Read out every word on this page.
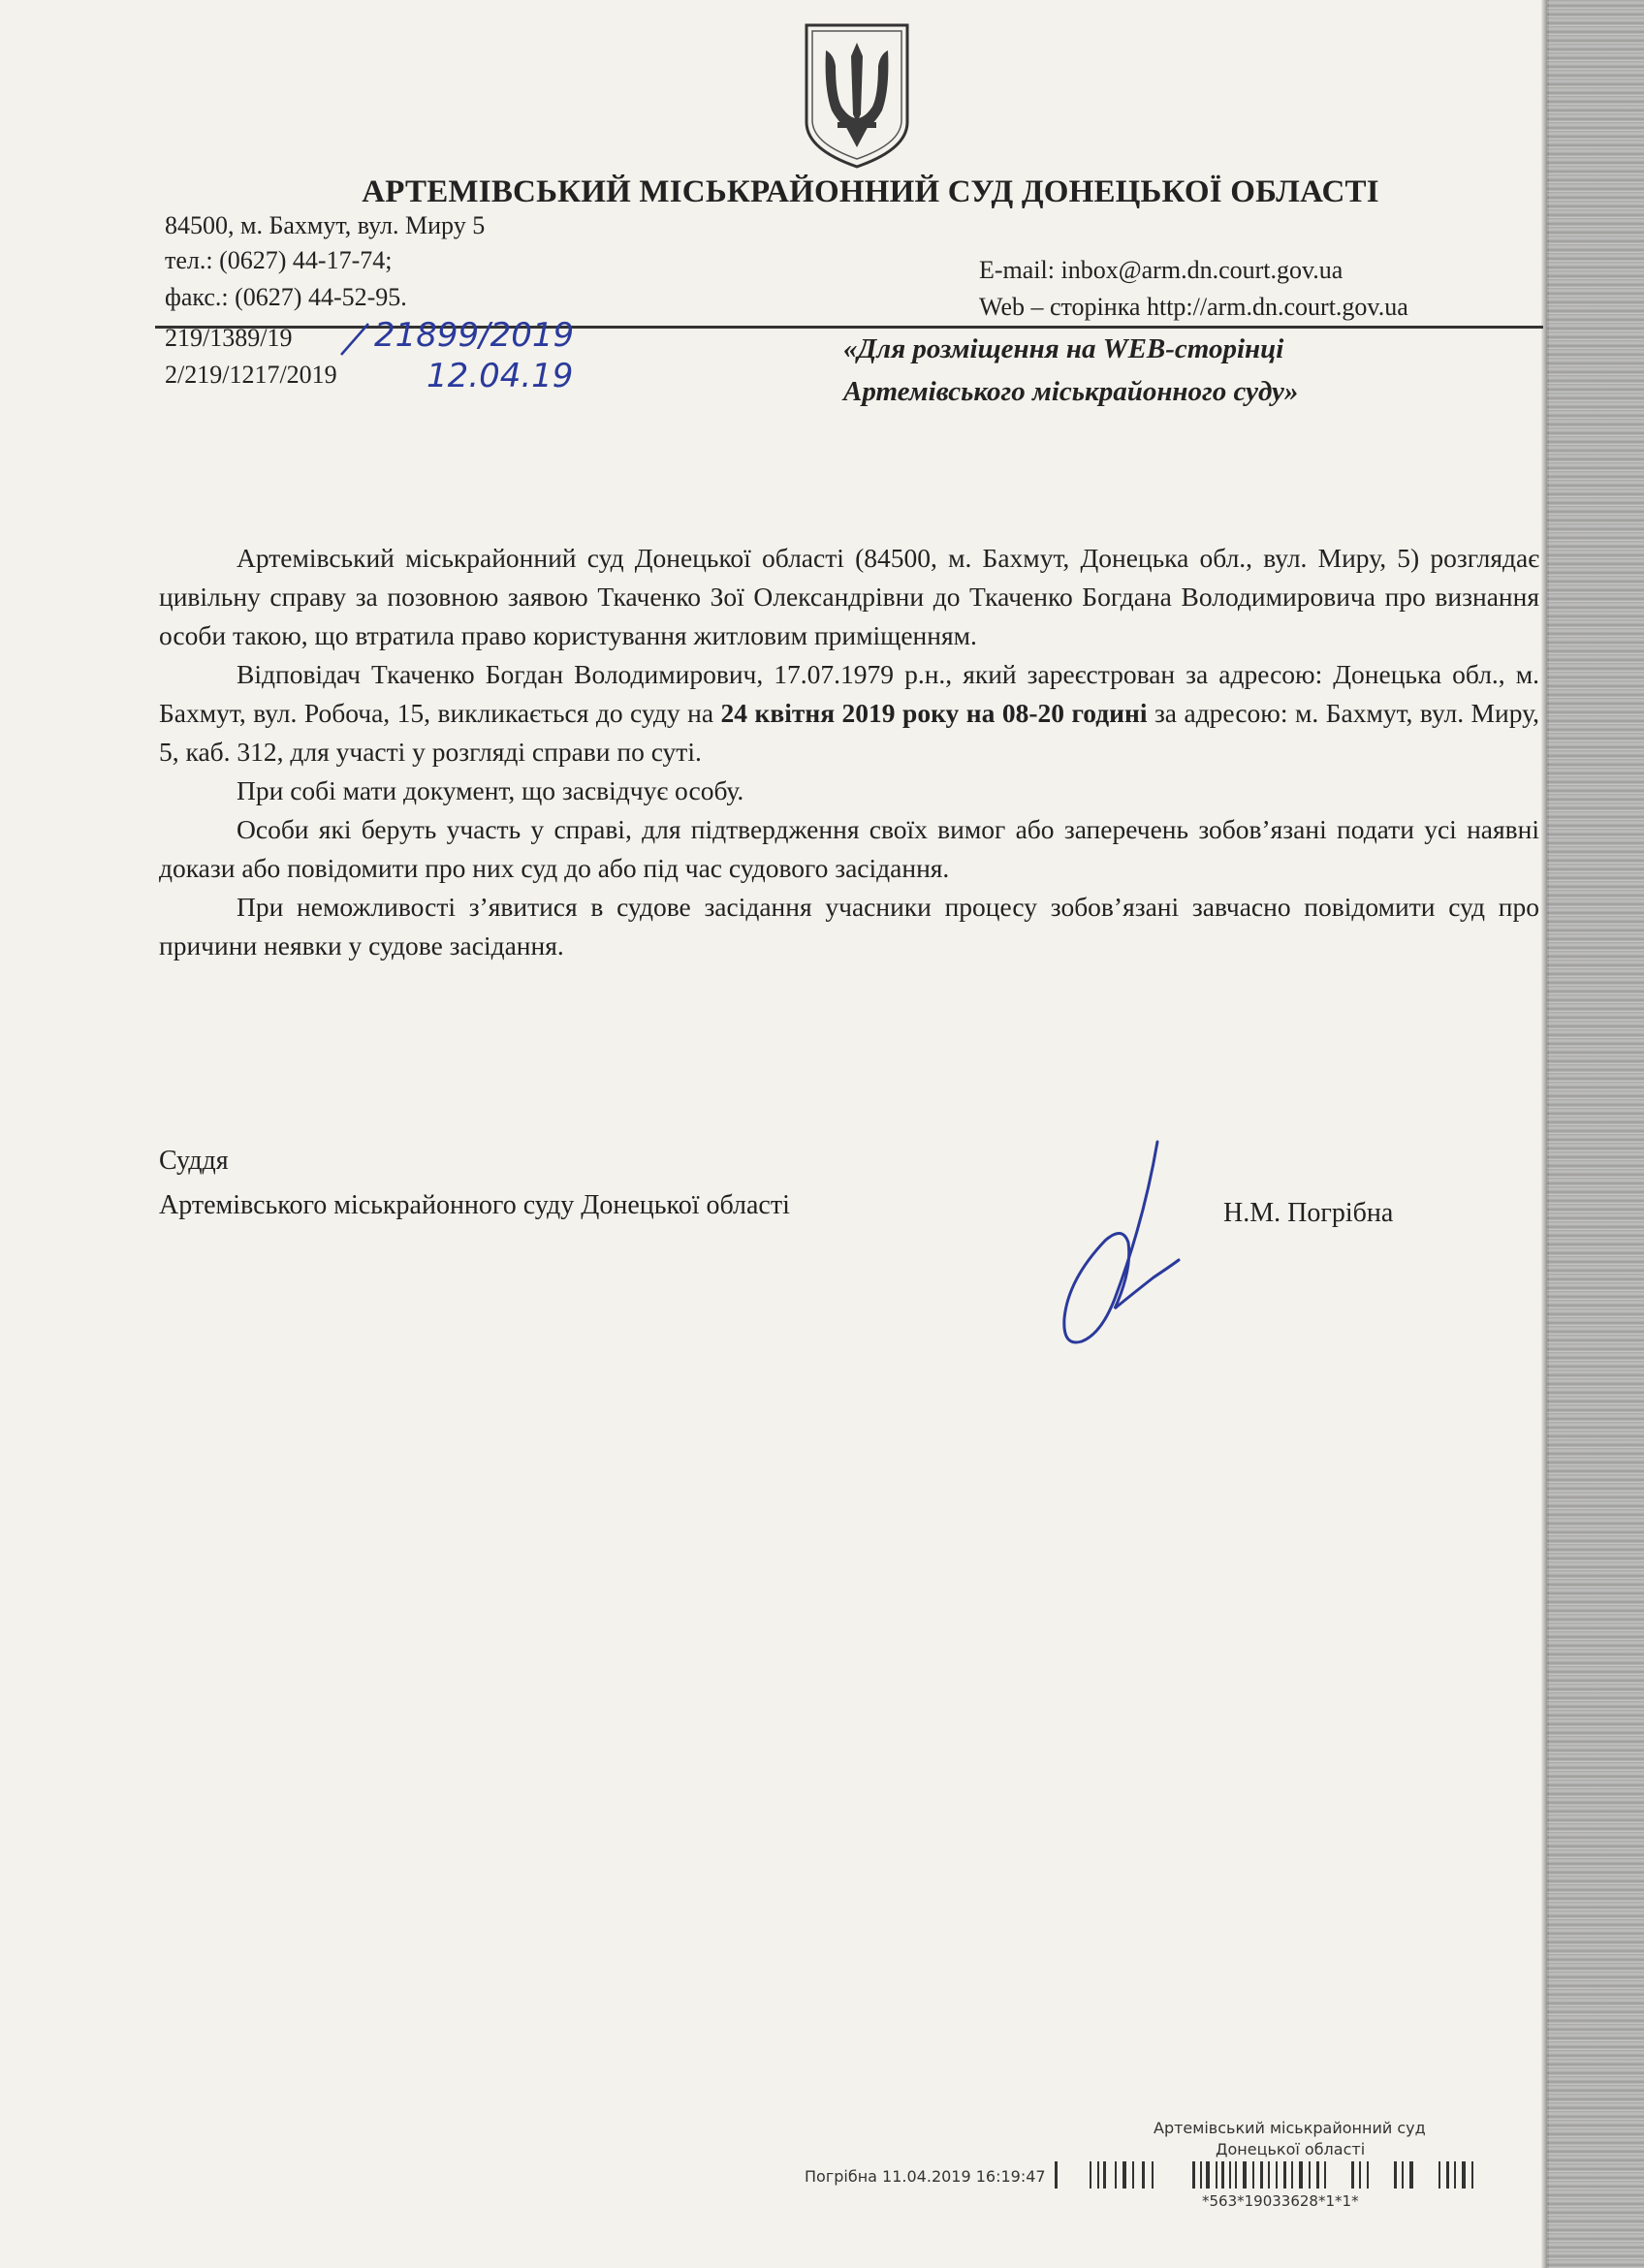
АРТЕМІВСЬКИЙ МІСЬКРАЙОННИЙ СУД ДОНЕЦЬКОЇ ОБЛАСТІ
84500, м. Бахмут, вул. Миру 5
тел.: (0627) 44-17-74;
факс.: (0627) 44-52-95.
E-mail: inbox@arm.dn.court.gov.ua
Web – сторінка http://arm.dn.court.gov.ua
219/1389/19
2/219/1217/2019
21899/2019
12.04.19
«Для розміщення на WEB-сторінці
Артемівського міськрайонного суду»

Артемівський міськрайонний суд Донецької області (84500, м. Бахмут, Донецька обл., вул. Миру, 5) розглядає цивільну справу за позовною заявою Ткаченко Зої Олександрівни до Ткаченко Богдана Володимировича про визнання особи такою, що втратила право користування житловим приміщенням.

Відповідач Ткаченко Богдан Володимирович, 17.07.1979 р.н., який зареєстрован за адресою: Донецька обл., м. Бахмут, вул. Робоча, 15, викликається до суду на 24 квітня 2019 року на 08-20 годині за адресою: м. Бахмут, вул. Миру, 5, каб. 312, для участі у розгляді справи по суті.

При собі мати документ, що засвідчує особу.

Особи які беруть участь у справі, для підтвердження своїх вимог або заперечень зобов’язані подати усі наявні докази або повідомити про них суд до або під час судового засідання.

При неможливості з’явитися в судове засідання учасники процесу зобов’язані завчасно повідомити суд про причини неявки у судове засідання.

Суддя
Артемівського міськрайонного суду Донецької області	Н.М. Погрібна
Артемівський міськрайонний суд
Донецької області
Погрібна 11.04.2019 16:19:47
*563*19033628*1*1*
